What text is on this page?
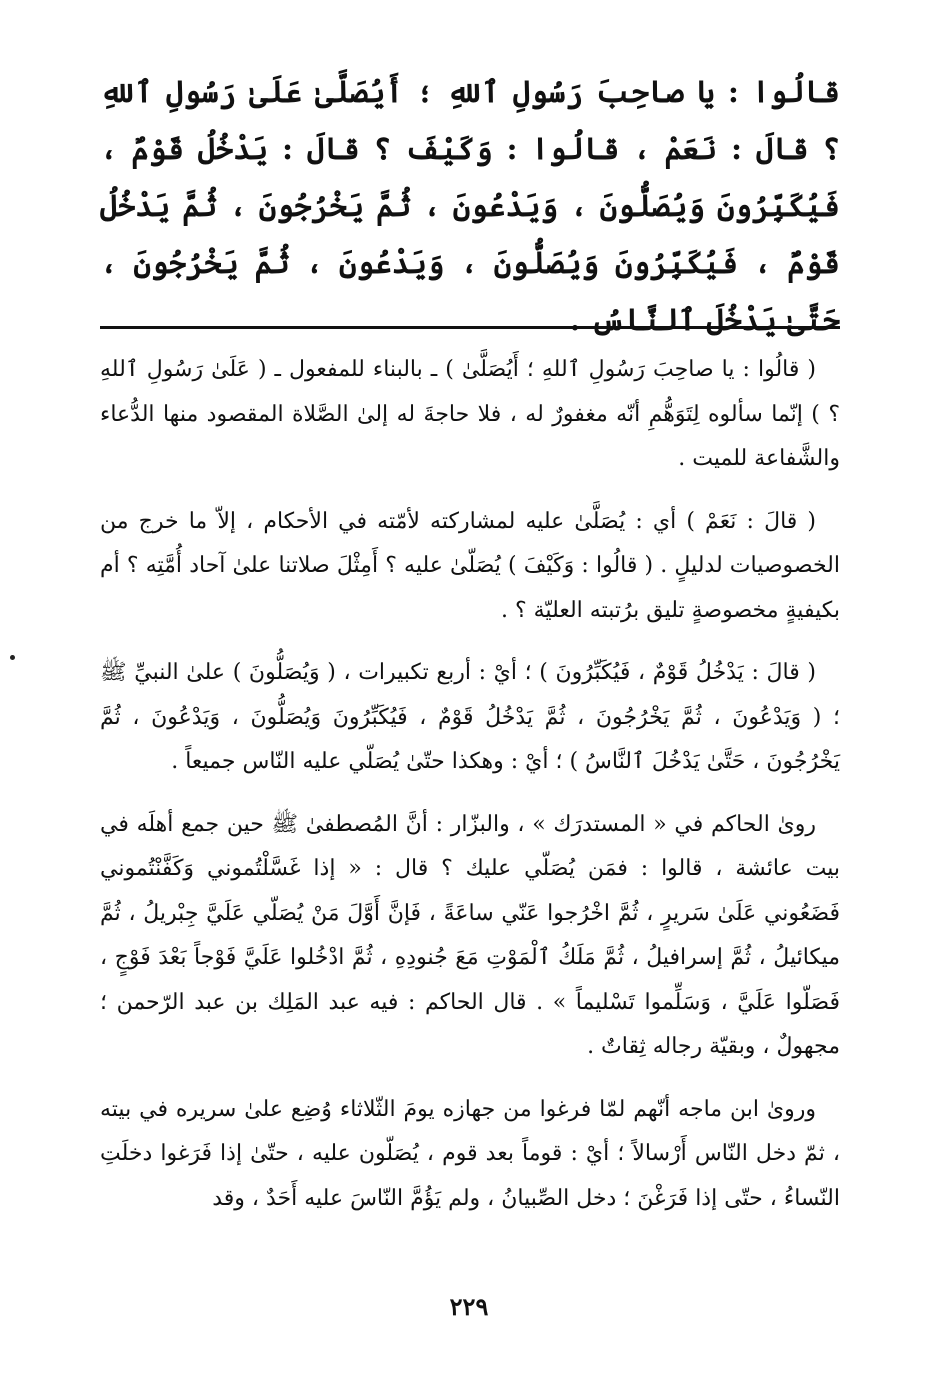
قالُوا : يا صاحِبَ رَسُولِ ٱللهِ ؛ أَيُصَلَّىٰ عَلَىٰ رَسُولِ ٱللهِ ؟ قالَ : نَعَمْ ، قالُوا : وَكَيْفَ ؟ قالَ : يَدْخُلُ قَوْمٌ ، فَيُكَبِّرُونَ وَيُصَلُّونَ ، وَيَدْعُونَ ، ثُمَّ يَخْرُجُونَ ، ثُمَّ يَدْخُلُ قَوْمٌ ، فَيُكَبِّرُونَ وَيُصَلُّونَ ، وَيَدْعُونَ ، ثُمَّ يَخْرُجُونَ ، حَتَّىٰ يَدْخُلَ ٱلنَّاسُ .

( قالُوا : يا صاحِبَ رَسُولِ ٱللهِ ؛ أَيُصَلَّىٰ ) ـ بالبناء للمفعول ـ ( عَلَىٰ رَسُولِ ٱللهِ ؟ ) إنّما سألوه لِتَوَهُّمِ أنّه مغفورٌ له ، فلا حاجةَ له إلىٰ الصَّلاة المقصود منها الدُّعاء والشَّفاعة للميت .

( قالَ : نَعَمْ ) أي : يُصَلَّىٰ عليه لمشاركته لأمّته في الأحكام ، إلاّ ما خرج من الخصوصيات لدليلٍ . ( قالُوا : وَكَيْفَ ) يُصَلّىٰ عليه ؟ أَمِثْلَ صلاتنا علىٰ آحاد أُمَّتِه ؟ أم بكيفيةٍ مخصوصةٍ تليق برُتبته العليّة ؟ .

( قالَ : يَدْخُلُ قَوْمٌ ، فَيُكَبِّرُونَ ) ؛ أيْ : أربع تكبيرات ، ( وَيُصَلُّونَ ) علىٰ النبيِّ ﷺ ؛ ( وَيَدْعُونَ ، ثُمَّ يَخْرُجُونَ ، ثُمَّ يَدْخُلُ قَوْمٌ ، فَيُكَبِّرُونَ وَيُصَلُّونَ ، وَيَدْعُونَ ، ثُمَّ يَخْرُجُونَ ، حَتَّىٰ يَدْخُلَ ٱلنَّاسُ ) ؛ أيْ : وهكذا حتّىٰ يُصَلّي عليه النّاس جميعاً .

روىٰ الحاكم في « المستدرَك » ، والبزّار : أنَّ المُصطفىٰ ﷺ حين جمع أهلَه في بيت عائشة ، قالوا : فمَن يُصَلّي عليك ؟ قال : « إذا غَسَّلْتُموني وَكَفَّنْتُموني فَضَعُوني عَلَىٰ سَريرٍ ، ثُمَّ اخْرُجوا عَنّي ساعَةً ، فَإنَّ أَوَّلَ مَنْ يُصَلّي عَلَيَّ جِبْريلُ ، ثُمَّ ميكائيلُ ، ثُمَّ إسرافيلُ ، ثُمَّ مَلَكُ ٱلْمَوْتِ مَعَ جُنودِهِ ، ثُمَّ ادْخُلوا عَلَيَّ فَوْجاً بَعْدَ فَوْجٍ ، فَصَلّوا عَلَيَّ ، وَسَلِّموا تَسْليماً » . قال الحاكم : فيه عبد المَلِك بن عبد الرّحمن ؛ مجهولٌ ، وبقيّة رجاله ثِقاتٌ .

وروىٰ ابن ماجه أنّهم لمّا فرغوا من جهازه يومَ الثّلاثاء وُضِع علىٰ سريره في بيته ، ثمّ دخل النّاس أَرْسالاً ؛ أيْ : قوماً بعد قوم ، يُصَلّون عليه ، حتّىٰ إذا فَرَغوا دخلَتِ النّساءُ ، حتّى إذا فَرَغْنَ ؛ دخل الصِّبيانُ ، ولم يَؤُمَّ النّاسَ عليه أَحَدٌ ، وقد

٢٢٩
